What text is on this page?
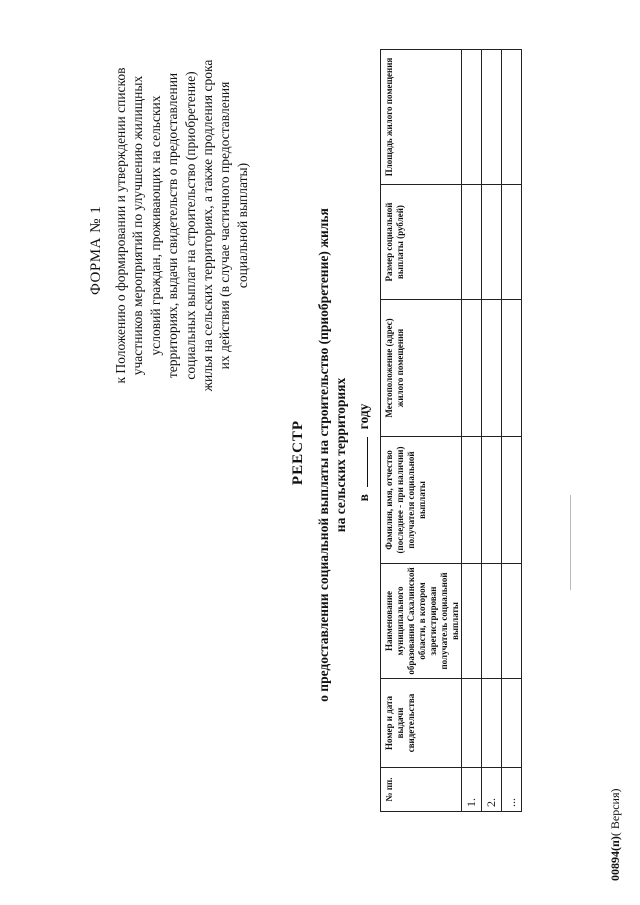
ФОРМА № 1 к Положению о формировании и утверждении списков участников мероприятий по улучшению жилищных условий граждан, проживающих на сельских территориях, выдачи свидетельств о предоставлении социальных выплат на строительство (приобретение) жилья на сельских территориях, а также продления срока их действия (в случае частичного предоставления социальной выплаты)
РЕЕСТР о предоставлении социальной выплаты на строительство (приобретение) жилья на сельских территориях в  году
№ пп.	Номер и дата выдачи свидетельства	Наименование муниципального образования Сахалинской области, в котором зарегистрирован получатель социальной выплаты	Фамилия, имя, отчество (последнее - при наличии) получателя социальной выплаты	Местоположение (адрес) жилого помещения	Размер социальной выплаты (рублей)	Площадь жилого помещения
1.						
2.						
...						
00894(п)( Версия)
